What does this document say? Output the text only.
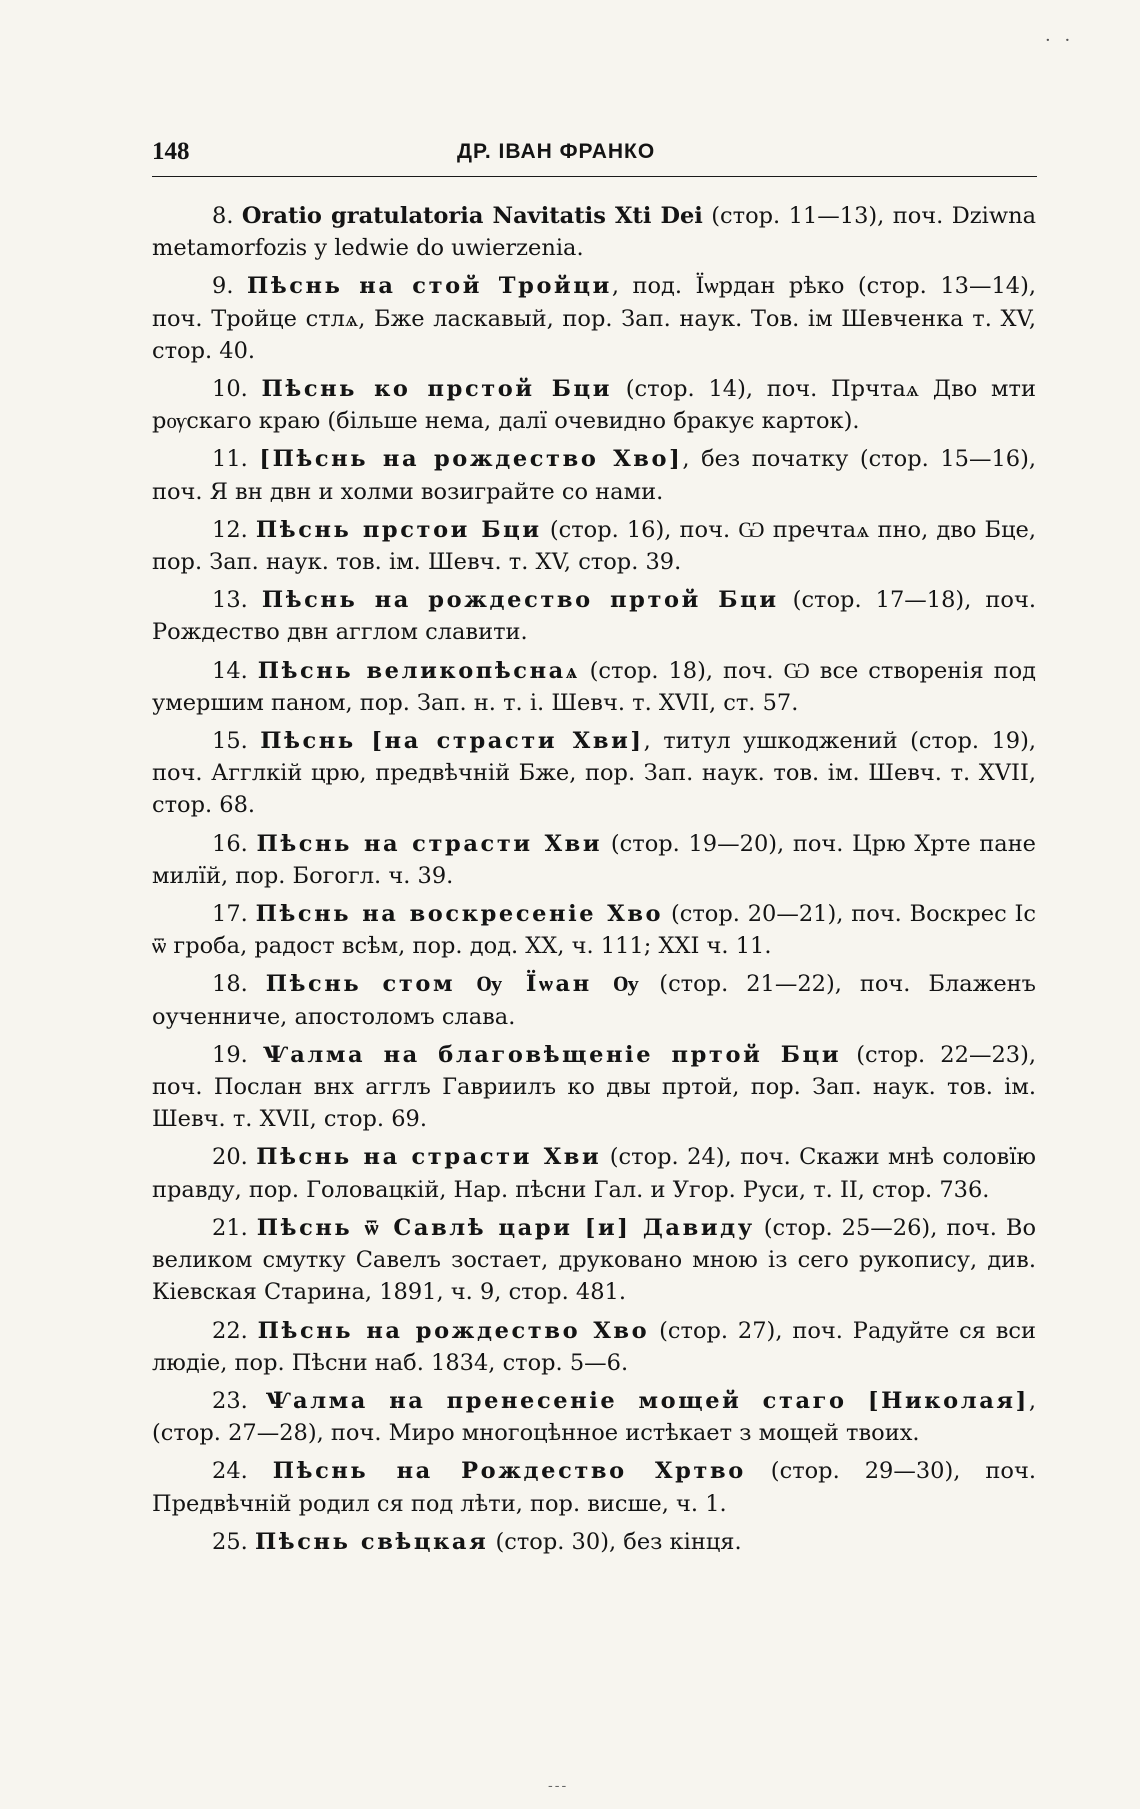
· ·
148	ДР. ІВАН ФРАНКО

8. Oratio gratulatoria Navitatis Xti Dei (стор. 11—13), поч. Dziwna metamorfozis y ledwie do uwierzenia.

9. Пѣснь на стой Тройци, под. Їѡрдан рѣко (стор. 13—14), поч. Тройце стлѧ, Бже ласкавый, пор. Зап. наук. Тов. ім Шевченка т. XV, стор. 40.

10. Пѣснь ко прстой Бци (стор. 14), поч. Прчтаѧ Дво мти рѹскаго краю (більше нема, далї очевидно бракує карток).

11. [Пѣснь на рождество Хво], без початку (стор. 15—16), поч. Я вн двн и холми возиграйте со нами.

12. Пѣснь прстои Бци (стор. 16), поч. Ѡ пречтаѧ пно, дво Бце, пор. Зап. наук. тов. ім. Шевч. т. XV, стор. 39.

13. Пѣснь на рождество пртой Бци (стор. 17—18), поч. Рождество двн агглом славити.

14. Пѣснь великопѣснаѧ (стор. 18), поч. Ѡ все створенія под умершим паном, пор. Зап. н. т. і. Шевч. т. XVII, ст. 57.

15. Пѣснь [на страсти Хви], титул ушкоджений (стор. 19), поч. Агглкій црю, предвѣчній Бже, пор. Зап. наук. тов. ім. Шевч. т. XVII, стор. 68.

16. Пѣснь на страсти Хви (стор. 19—20), поч. Црю Хрте пане милїй, пор. Богогл. ч. 39.

17. Пѣснь на воскресеніе Хво (стор. 20—21), поч. Воскрес Іс ѿ гроба, радост всѣм, пор. дод. XX, ч. 111; XXI ч. 11.

18. Пѣснь стом Ѹ Їѡан Ѹ (стор. 21—22), поч. Блаженъ оученниче, апостоломъ слава.

19. Ѱалма на благовѣщеніе пртой Бци (стор. 22—23), поч. Послан внх агглъ Гавриилъ ко двы пртой, пор. Зап. наук. тов. ім. Шевч. т. XVII, стор. 69.

20. Пѣснь на страсти Хви (стор. 24), поч. Скажи мнѣ соловїю правду, пор. Головацкій, Нар. пѣсни Гал. и Угор. Руси, т. II, стор. 736.

21. Пѣснь ѿ Савлѣ цари [и] Давиду (стор. 25—26), поч. Во великом смутку Савелъ зостает, друковано мною із сего рукопису, див. Кіевская Старина, 1891, ч. 9, стор. 481.

22. Пѣснь на рождество Хво (стор. 27), поч. Радуйте ся вси людіе, пор. Пѣсни наб. 1834, стор. 5—6.

23. Ѱалма на пренесеніе мощей стаго [Николая], (стор. 27—28), поч. Миро многоцѣнное истѣкает з мощей твоих.

24. Пѣснь на Рождество Хртво (стор. 29—30), поч. Предвѣчній родил ся под лѣти, пор. висше, ч. 1.

25. Пѣснь свѣцкая (стор. 30), без кінця.

---
